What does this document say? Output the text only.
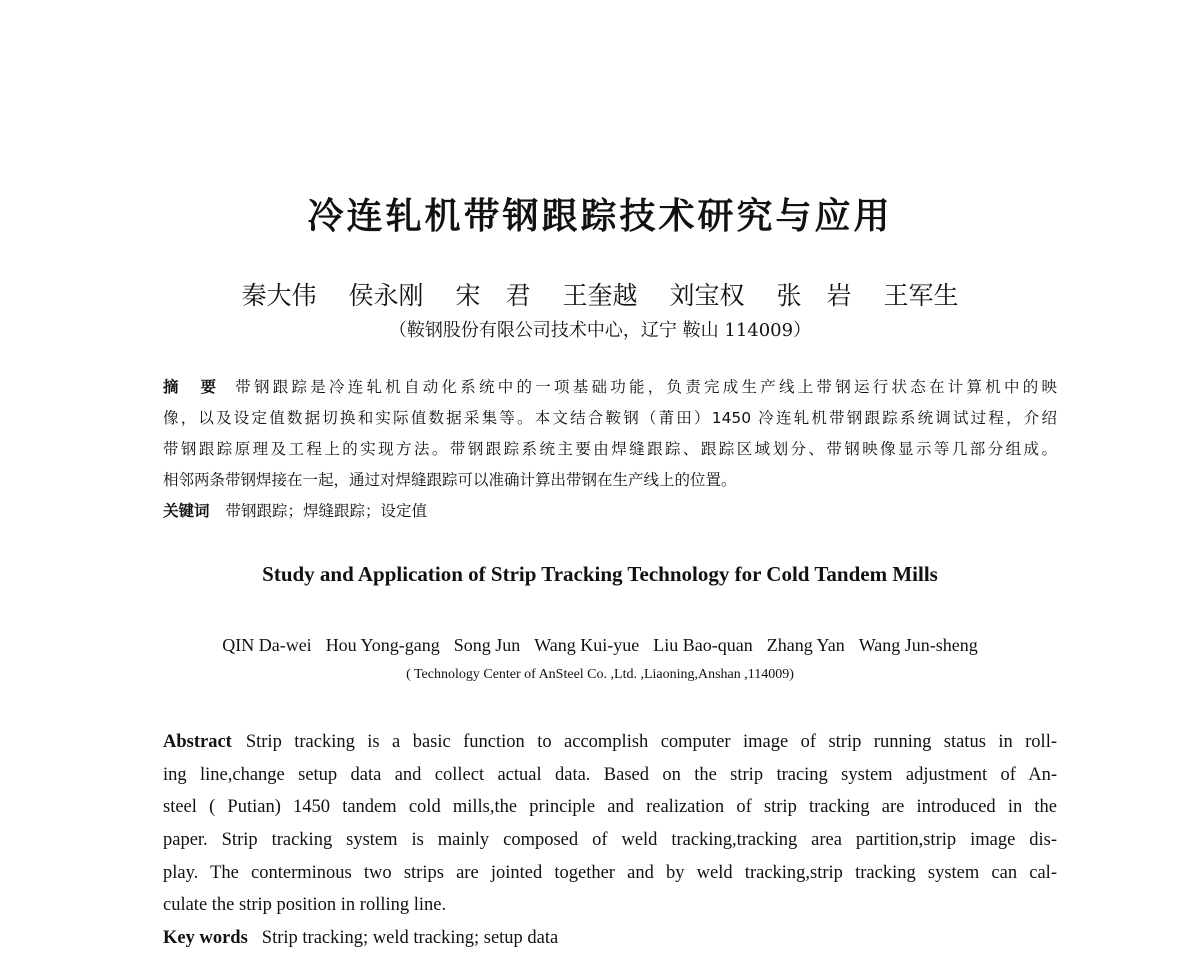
冷连轧机带钢跟踪技术研究与应用
秦大伟 侯永刚 宋　君 王奎越 刘宝权 张　岩 王军生
（鞍钢股份有限公司技术中心，辽宁 鞍山 114009）
摘　要 带钢跟踪是冷连轧机自动化系统中的一项基础功能，负责完成生产线上带钢运行状态在计算机中的映
像，以及设定值数据切换和实际值数据采集等。本文结合鞍钢（莆田）1450 冷连轧机带钢跟踪系统调试过程，介绍
带钢跟踪原理及工程上的实现方法。带钢跟踪系统主要由焊缝跟踪、跟踪区域划分、带钢映像显示等几部分组成。
相邻两条带钢焊接在一起，通过对焊缝跟踪可以准确计算出带钢在生产线上的位置。
关键词 带钢跟踪；焊缝跟踪；设定值
Study and Application of Strip Tracking Technology for Cold Tandem Mills
QIN Da-wei Hou Yong-gang Song Jun Wang Kui-yue Liu Bao-quan Zhang Yan Wang Jun-sheng
( Technology Center of AnSteel Co. ,Ltd. ,Liaoning,Anshan ,114009)
Abstract Strip tracking is a basic function to accomplish computer image of strip running status in roll-
ing line,change setup data and collect actual data. Based on the strip tracing system adjustment of An-
steel ( Putian) 1450 tandem cold mills,the principle and realization of strip tracking are introduced in the
paper. Strip tracking system is mainly composed of weld tracking,tracking area partition,strip image dis-
play. The conterminous two strips are jointed together and by weld tracking,strip tracking system can cal-
culate the strip position in rolling line.
Key words Strip tracking; weld tracking; setup data
